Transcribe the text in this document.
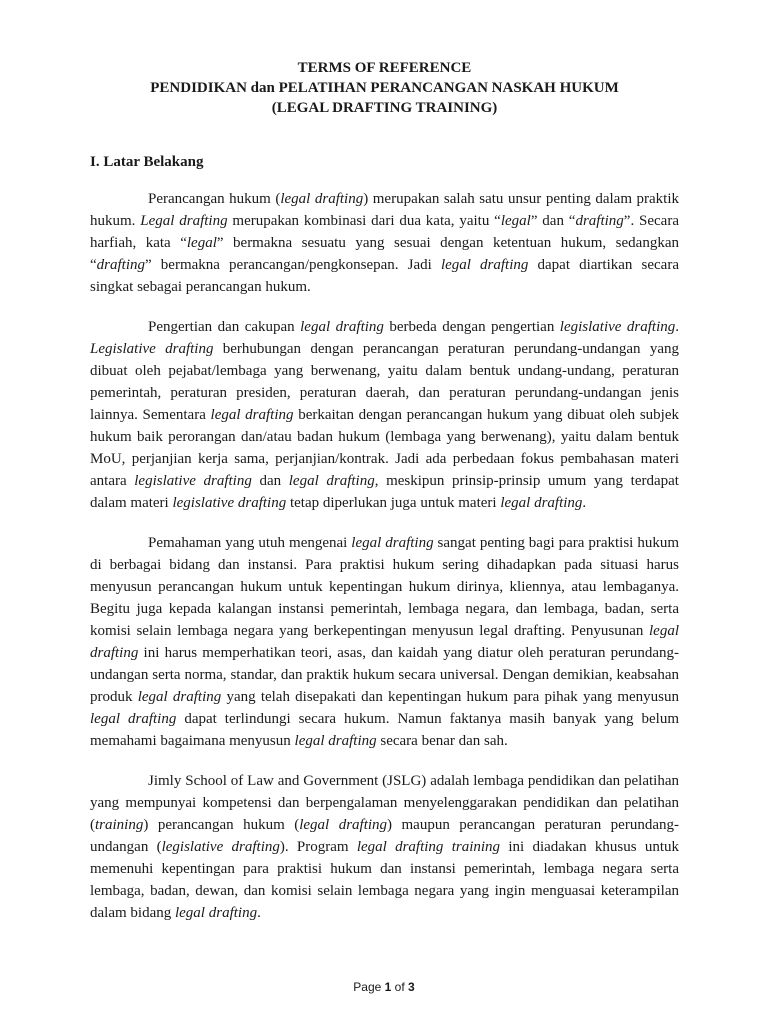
TERMS OF REFERENCE
PENDIDIKAN dan PELATIHAN PERANCANGAN NASKAH HUKUM
(LEGAL DRAFTING TRAINING)
I. Latar Belakang

Perancangan hukum (legal drafting) merupakan salah satu unsur penting dalam praktik hukum. Legal drafting merupakan kombinasi dari dua kata, yaitu “legal” dan “drafting”. Secara harfiah, kata “legal” bermakna sesuatu yang sesuai dengan ketentuan hukum, sedangkan “drafting” bermakna perancangan/pengkonsepan. Jadi legal drafting dapat diartikan secara singkat sebagai perancangan hukum.

Pengertian dan cakupan legal drafting berbeda dengan pengertian legislative drafting. Legislative drafting berhubungan dengan perancangan peraturan perundang-undangan yang dibuat oleh pejabat/lembaga yang berwenang, yaitu dalam bentuk undang-undang, peraturan pemerintah, peraturan presiden, peraturan daerah, dan peraturan perundang-undangan jenis lainnya. Sementara legal drafting berkaitan dengan perancangan hukum yang dibuat oleh subjek hukum baik perorangan dan/atau badan hukum (lembaga yang berwenang), yaitu dalam bentuk MoU, perjanjian kerja sama, perjanjian/kontrak. Jadi ada perbedaan fokus pembahasan materi antara legislative drafting dan legal drafting, meskipun prinsip-prinsip umum yang terdapat dalam materi legislative drafting tetap diperlukan juga untuk materi legal drafting.

Pemahaman yang utuh mengenai legal drafting sangat penting bagi para praktisi hukum di berbagai bidang dan instansi. Para praktisi hukum sering dihadapkan pada situasi harus menyusun perancangan hukum untuk kepentingan hukum dirinya, kliennya, atau lembaganya. Begitu juga kepada kalangan instansi pemerintah, lembaga negara, dan lembaga, badan, serta komisi selain lembaga negara yang berkepentingan menyusun legal drafting. Penyusunan legal drafting ini harus memperhatikan teori, asas, dan kaidah yang diatur oleh peraturan perundang-undangan serta norma, standar, dan praktik hukum secara universal. Dengan demikian, keabsahan produk legal drafting yang telah disepakati dan kepentingan hukum para pihak yang menyusun legal drafting dapat terlindungi secara hukum. Namun faktanya masih banyak yang belum memahami bagaimana menyusun legal drafting secara benar dan sah.

Jimly School of Law and Government (JSLG) adalah lembaga pendidikan dan pelatihan yang mempunyai kompetensi dan berpengalaman menyelenggarakan pendidikan dan pelatihan (training) perancangan hukum (legal drafting) maupun perancangan peraturan perundang-undangan (legislative drafting). Program legal drafting training ini diadakan khusus untuk memenuhi kepentingan para praktisi hukum dan instansi pemerintah, lembaga negara serta lembaga, badan, dewan, dan komisi selain lembaga negara yang ingin menguasai keterampilan dalam bidang legal drafting.

Page 1 of 3
